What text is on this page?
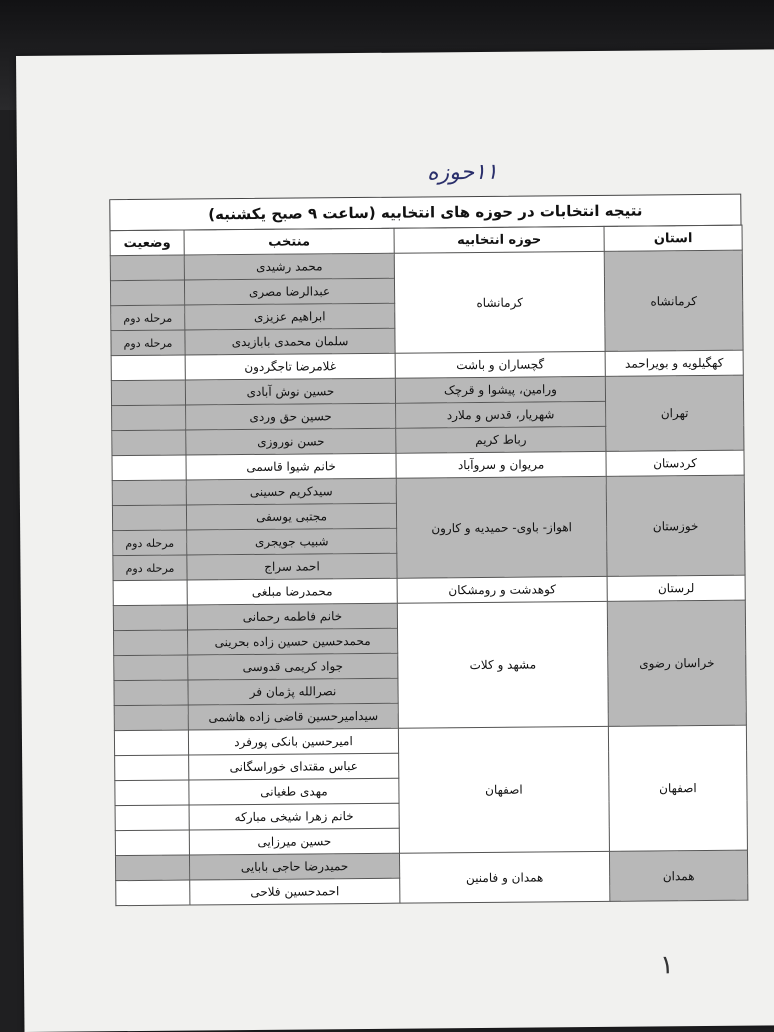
۱۱حوزه
نتیجه انتخابات در حوزه های انتخابیه (ساعت ۹ صبح یکشنبه)
استان	حوزه انتخابیه	منتخب	وضعیت
کرمانشاه	کرمانشاه	محمد رشیدی	
		عبدالرضا مصری	
		ابراهیم عزیزی	مرحله دوم
		سلمان محمدی بابازیدی	مرحله دوم
کهگیلویه و بویراحمد	گچساران و باشت	غلامرضا تاجگردون	
تهران	ورامین، پیشوا و قرچک	حسین نوش آبادی	
	شهریار، قدس و ملارد	حسین حق وردی	
	رباط کریم	حسن نوروزی	
کردستان	مریوان و سروآباد	خانم شیوا قاسمی	
خوزستان	اهواز- باوی- حمیدیه و کارون	سیدکریم حسینی	
		مجتبی یوسفی	
		شبیب جویجری	مرحله دوم
		احمد سراج	مرحله دوم
لرستان	کوهدشت و رومشکان	محمدرضا مبلغی	
خراسان رضوی	مشهد و کلات	خانم فاطمه رحمانی	
		محمدحسین حسین زاده بحرینی	
		جواد کریمی قدوسی	
		نصرالله پژمان فر	
		سیدامیرحسین قاضی زاده هاشمی	
اصفهان	اصفهان	امیرحسین بانکی پورفرد	
		عباس مقتدای خوراسگانی	
		مهدی طغیانی	
		خانم زهرا شیخی مبارکه	
		حسین میرزایی	
همدان	همدان و فامنین	حمیدرضا حاجی بابایی	
		احمدحسین فلاحی	
۱
